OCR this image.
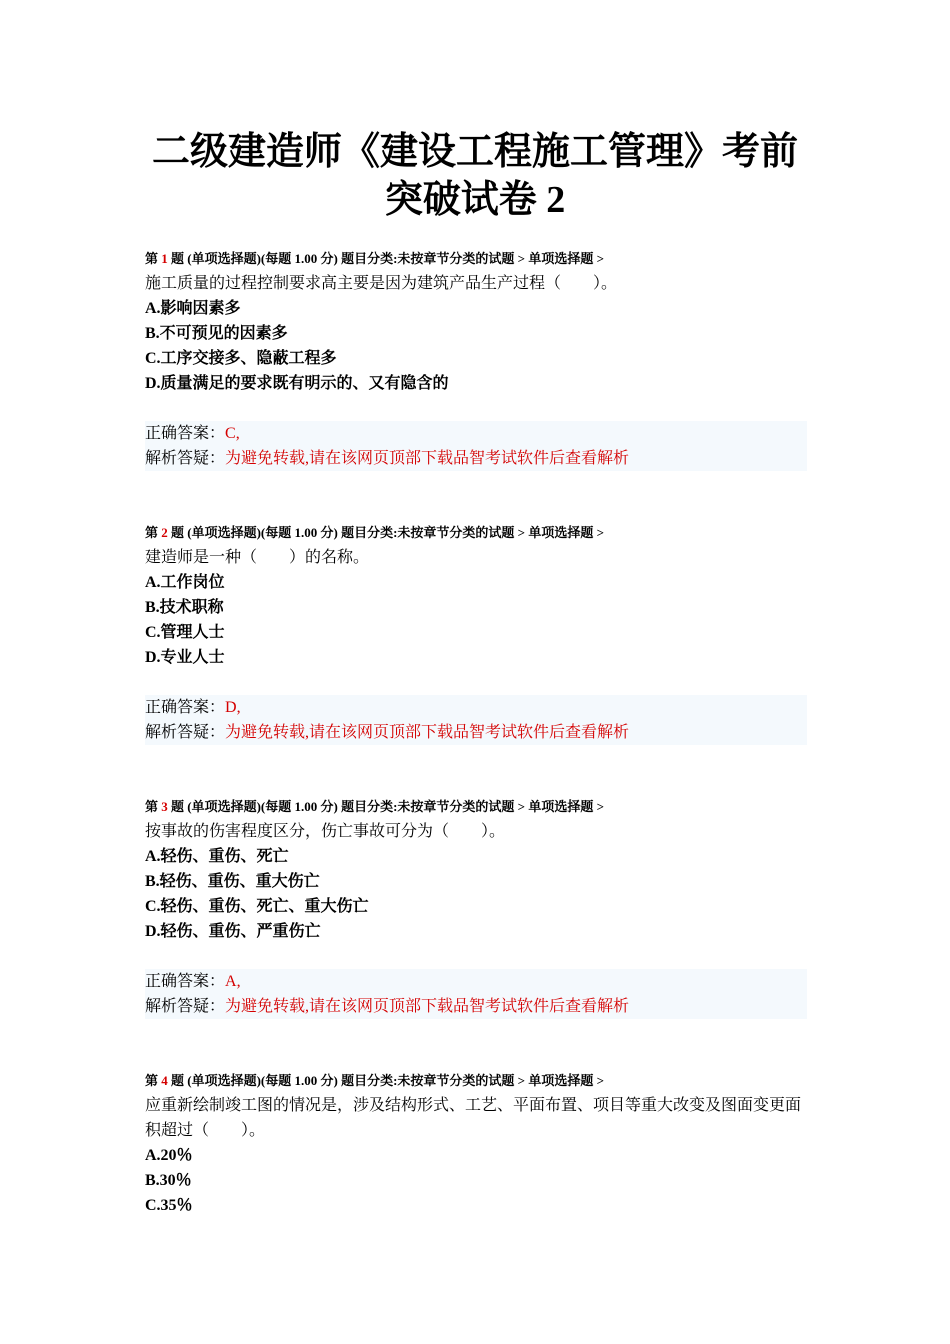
二级建造师《建设工程施工管理》考前
突破试卷 2
第 1 题 (单项选择题)(每题 1.00 分) 题目分类:未按章节分类的试题 > 单项选择题 >
施工质量的过程控制要求高主要是因为建筑产品生产过程（　　）。
A.影响因素多
B.不可预见的因素多
C.工序交接多、隐蔽工程多
D.质量满足的要求既有明示的、又有隐含的
正确答案：C,
解析答疑：为避免转载,请在该网页顶部下载品智考试软件后查看解析
第 2 题 (单项选择题)(每题 1.00 分) 题目分类:未按章节分类的试题 > 单项选择题 >
建造师是一种（　　）的名称。
A.工作岗位
B.技术职称
C.管理人士
D.专业人士
正确答案：D,
解析答疑：为避免转载,请在该网页顶部下载品智考试软件后查看解析
第 3 题 (单项选择题)(每题 1.00 分) 题目分类:未按章节分类的试题 > 单项选择题 >
按事故的伤害程度区分，伤亡事故可分为（　　）。
A.轻伤、重伤、死亡
B.轻伤、重伤、重大伤亡
C.轻伤、重伤、死亡、重大伤亡
D.轻伤、重伤、严重伤亡
正确答案：A,
解析答疑：为避免转载,请在该网页顶部下载品智考试软件后查看解析
第 4 题 (单项选择题)(每题 1.00 分) 题目分类:未按章节分类的试题 > 单项选择题 >
应重新绘制竣工图的情况是，涉及结构形式、工艺、平面布置、项目等重大改变及图面变更面积超过（　　）。
A.20％
B.30％
C.35％
